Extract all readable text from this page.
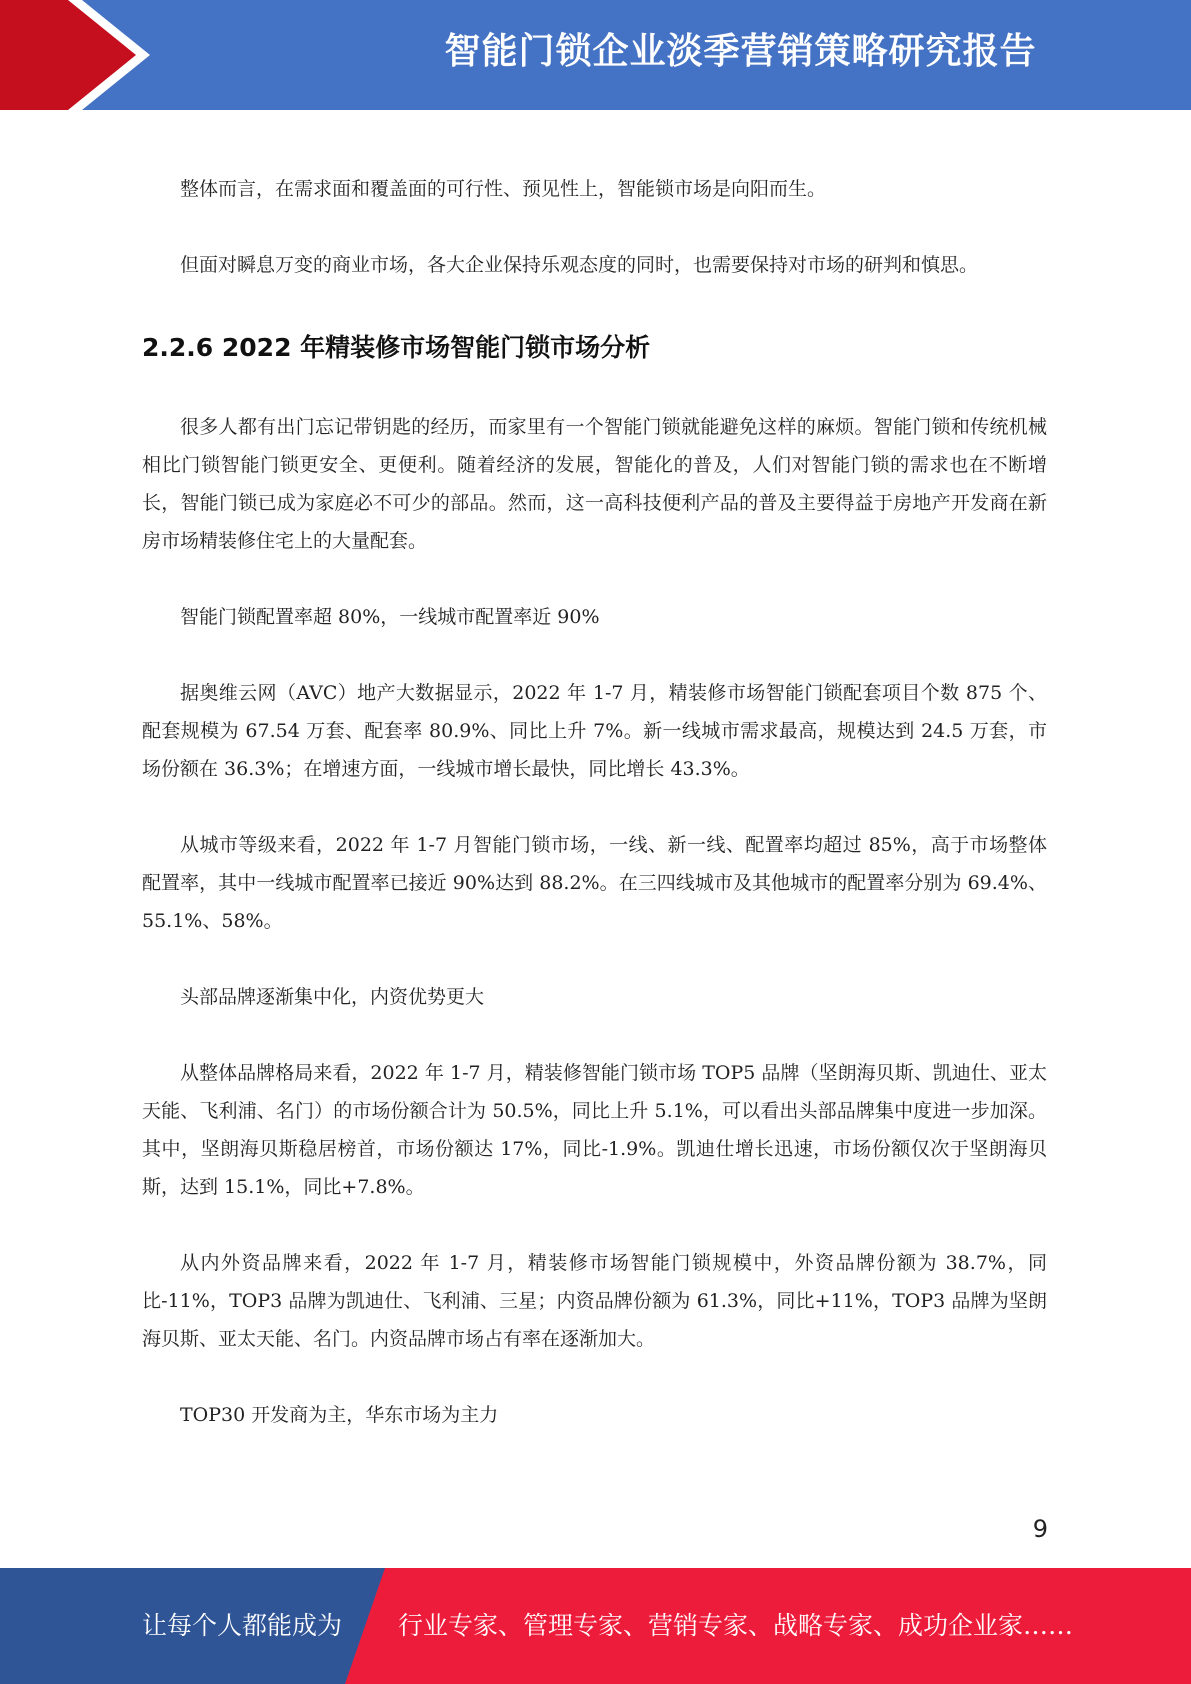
智能门锁企业淡季营销策略研究报告

整体而言，在需求面和覆盖面的可行性、预见性上，智能锁市场是向阳而生。

但面对瞬息万变的商业市场，各大企业保持乐观态度的同时，也需要保持对市场的研判和慎思。

2.2.6 2022 年精装修市场智能门锁市场分析

很多人都有出门忘记带钥匙的经历，而家里有一个智能门锁就能避免这样的麻烦。智能门锁和传统机械相比门锁智能门锁更安全、更便利。随着经济的发展，智能化的普及，人们对智能门锁的需求也在不断增长，智能门锁已成为家庭必不可少的部品。然而，这一高科技便利产品的普及主要得益于房地产开发商在新房市场精装修住宅上的大量配套。

智能门锁配置率超 80%，一线城市配置率近 90%

据奥维云网（AVC）地产大数据显示，2022 年 1-7 月，精装修市场智能门锁配套项目个数 875 个、配套规模为 67.54 万套、配套率 80.9%、同比上升 7%。新一线城市需求最高，规模达到 24.5 万套，市场份额在 36.3%；在增速方面，一线城市增长最快，同比增长 43.3%。

从城市等级来看，2022 年 1-7 月智能门锁市场，一线、新一线、配置率均超过 85%，高于市场整体配置率，其中一线城市配置率已接近 90%达到 88.2%。在三四线城市及其他城市的配置率分别为 69.4%、55.1%、58%。

头部品牌逐渐集中化，内资优势更大

从整体品牌格局来看，2022 年 1-7 月，精装修智能门锁市场 TOP5 品牌（坚朗海贝斯、凯迪仕、亚太天能、飞利浦、名门）的市场份额合计为 50.5%，同比上升 5.1%，可以看出头部品牌集中度进一步加深。其中，坚朗海贝斯稳居榜首，市场份额达 17%，同比-1.9%。凯迪仕增长迅速，市场份额仅次于坚朗海贝斯，达到 15.1%，同比+7.8%。

从内外资品牌来看，2022 年 1-7 月，精装修市场智能门锁规模中，外资品牌份额为 38.7%，同比-11%，TOP3 品牌为凯迪仕、飞利浦、三星；内资品牌份额为 61.3%，同比+11%，TOP3 品牌为坚朗海贝斯、亚太天能、名门。内资品牌市场占有率在逐渐加大。

TOP30 开发商为主，华东市场为主力

9
让每个人都能成为 行业专家、管理专家、营销专家、战略专家、成功企业家……
